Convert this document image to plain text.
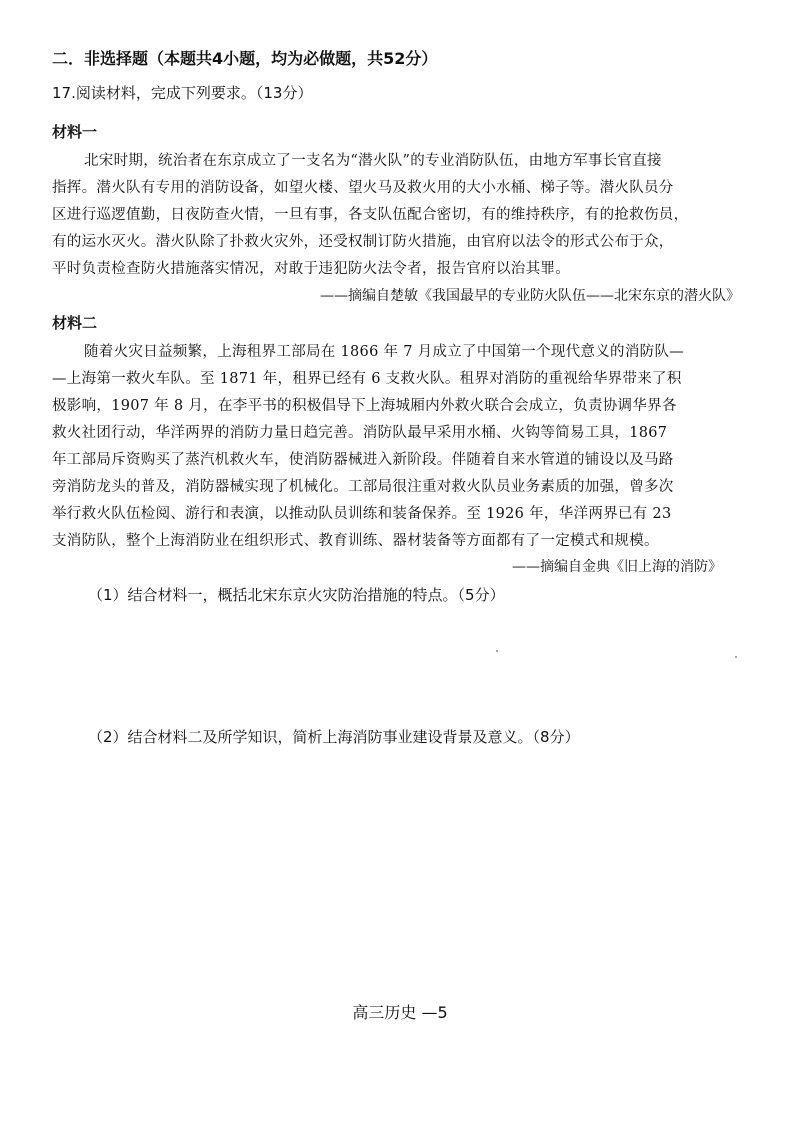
二．非选择题（本题共4小题，均为必做题，共52分）
17.阅读材料，完成下列要求。（13分）
材料一
北宋时期，统治者在东京成立了一支名为“潜火队”的专业消防队伍，由地方军事长官直接
指挥。潜火队有专用的消防设备，如望火楼、望火马及救火用的大小水桶、梯子等。潜火队员分
区进行巡逻值勤，日夜防查火情，一旦有事，各支队伍配合密切，有的维持秩序，有的抢救伤员，
有的运水灭火。潜火队除了扑救火灾外，还受权制订防火措施，由官府以法令的形式公布于众，
平时负责检查防火措施落实情况，对敢于违犯防火法令者，报告官府以治其罪。
——摘编自楚敏《我国最早的专业防火队伍——北宋东京的潜火队》
材料二
随着火灾日益频繁，上海租界工部局在 1866 年 7 月成立了中国第一个现代意义的消防队—
—上海第一救火车队。至 1871 年，租界已经有 6 支救火队。租界对消防的重视给华界带来了积
极影响，1907 年 8 月，在李平书的积极倡导下上海城厢内外救火联合会成立，负责协调华界各
救火社团行动，华洋两界的消防力量日趋完善。消防队最早采用水桶、火钩等简易工具，1867
年工部局斥资购买了蒸汽机救火车，使消防器械进入新阶段。伴随着自来水管道的铺设以及马路
旁消防龙头的普及，消防器械实现了机械化。工部局很注重对救火队员业务素质的加强，曾多次
举行救火队伍检阅、游行和表演，以推动队员训练和装备保养。至 1926 年，华洋两界已有 23
支消防队，整个上海消防业在组织形式、教育训练、器材装备等方面都有了一定模式和规模。
——摘编自金典《旧上海的消防》
（1）结合材料一，概括北宋东京火灾防治措施的特点。（5分）
（2）结合材料二及所学知识，简析上海消防事业建设背景及意义。（8分）
高三历史 —5
